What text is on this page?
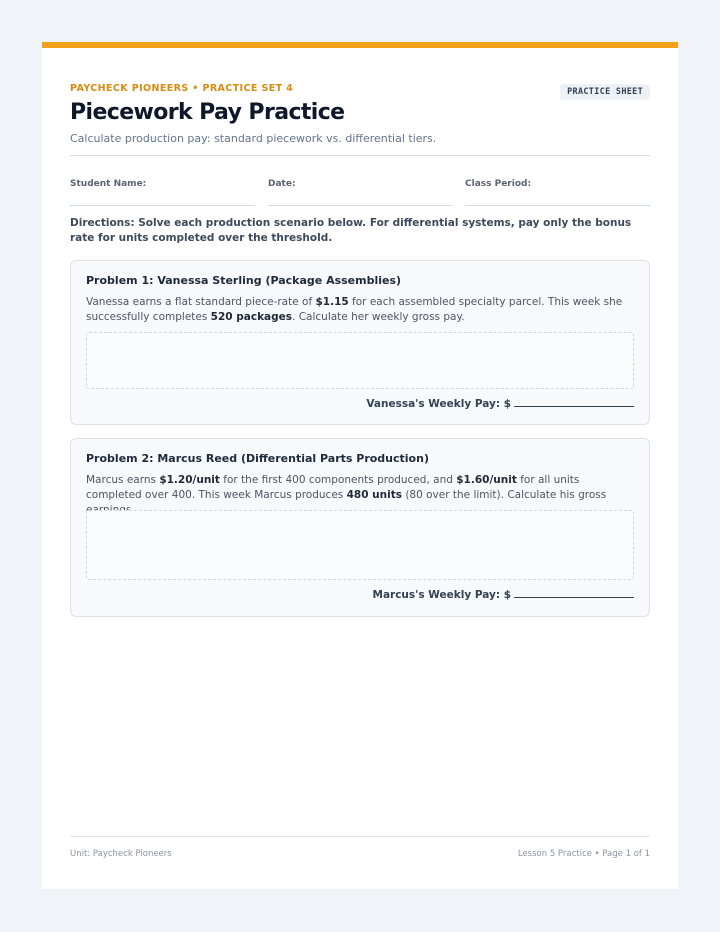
PAYCHECK PIONEERS • PRACTICE SET 4	PRACTICE SHEET
Piecework Pay Practice
Calculate production pay: standard piecework vs. differential tiers.
Student Name:	Date:	Class Period:
Directions: Solve each production scenario below. For differential systems, pay only the bonus rate for units completed over the threshold.
Problem 1: Vanessa Sterling (Package Assemblies)
Vanessa earns a flat standard piece-rate of $1.15 for each assembled specialty parcel. This week she successfully completes 520 packages. Calculate her weekly gross pay.
Vanessa's Weekly Pay: $
Problem 2: Marcus Reed (Differential Parts Production)
Marcus earns $1.20/unit for the first 400 components produced, and $1.60/unit for all units completed over 400. This week Marcus produces 480 units (80 over the limit). Calculate his gross
Marcus's Weekly Pay: $
Unit: Paycheck Pioneers	Lesson 5 Practice • Page 1 of 1
